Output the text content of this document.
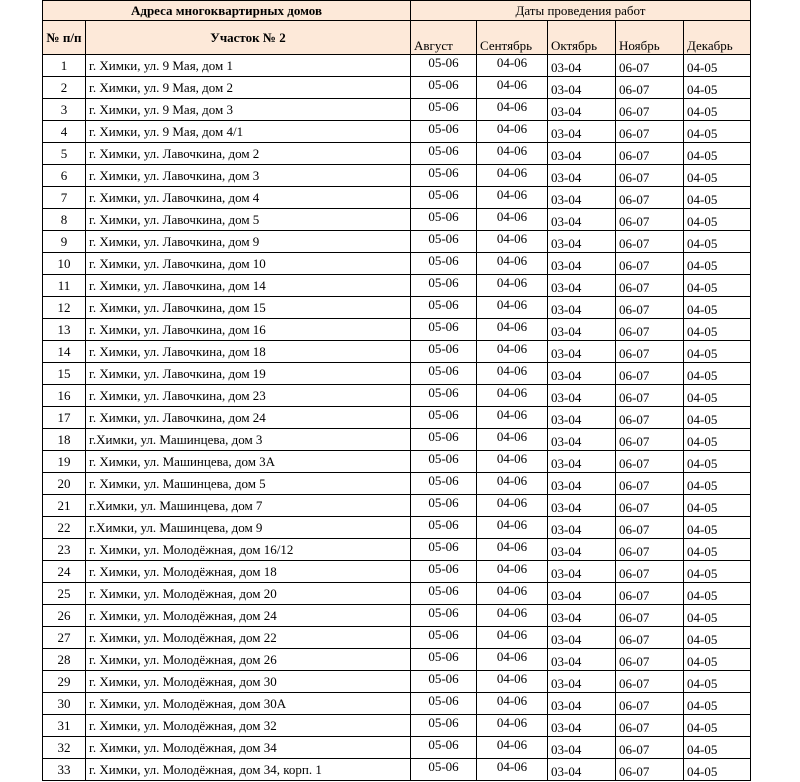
Адреса многоквартирных домов		Даты проведения работ				
№ п/п	Участок № 2	Август	Сентябрь	Октябрь	Ноябрь	Декабрь
1	г. Химки, ул. 9 Мая, дом 1	05-06	04-06	03-04	06-07	04-05
2	г. Химки, ул. 9 Мая, дом 2	05-06	04-06	03-04	06-07	04-05
3	г. Химки, ул. 9 Мая, дом 3	05-06	04-06	03-04	06-07	04-05
4	г. Химки, ул. 9 Мая, дом 4/1	05-06	04-06	03-04	06-07	04-05
5	г. Химки, ул. Лавочкина, дом 2	05-06	04-06	03-04	06-07	04-05
6	г. Химки, ул. Лавочкина, дом 3	05-06	04-06	03-04	06-07	04-05
7	г. Химки, ул. Лавочкина, дом 4	05-06	04-06	03-04	06-07	04-05
8	г. Химки, ул. Лавочкина, дом 5	05-06	04-06	03-04	06-07	04-05
9	г. Химки, ул. Лавочкина, дом 9	05-06	04-06	03-04	06-07	04-05
10	г. Химки, ул. Лавочкина, дом 10	05-06	04-06	03-04	06-07	04-05
11	г. Химки, ул. Лавочкина, дом 14	05-06	04-06	03-04	06-07	04-05
12	г. Химки, ул. Лавочкина, дом 15	05-06	04-06	03-04	06-07	04-05
13	г. Химки, ул. Лавочкина, дом 16	05-06	04-06	03-04	06-07	04-05
14	г. Химки, ул. Лавочкина, дом 18	05-06	04-06	03-04	06-07	04-05
15	г. Химки, ул. Лавочкина, дом 19	05-06	04-06	03-04	06-07	04-05
16	г. Химки, ул. Лавочкина, дом 23	05-06	04-06	03-04	06-07	04-05
17	г. Химки, ул. Лавочкина, дом 24	05-06	04-06	03-04	06-07	04-05
18	г.Химки, ул. Машинцева, дом 3	05-06	04-06	03-04	06-07	04-05
19	г. Химки, ул. Машинцева, дом 3А	05-06	04-06	03-04	06-07	04-05
20	г. Химки, ул. Машинцева, дом 5	05-06	04-06	03-04	06-07	04-05
21	г.Химки, ул. Машинцева, дом 7	05-06	04-06	03-04	06-07	04-05
22	г.Химки, ул. Машинцева, дом 9	05-06	04-06	03-04	06-07	04-05
23	г. Химки, ул. Молодёжная, дом 16/12	05-06	04-06	03-04	06-07	04-05
24	г. Химки, ул. Молодёжная, дом 18	05-06	04-06	03-04	06-07	04-05
25	г. Химки, ул. Молодёжная, дом 20	05-06	04-06	03-04	06-07	04-05
26	г. Химки, ул. Молодёжная, дом 24	05-06	04-06	03-04	06-07	04-05
27	г. Химки, ул. Молодёжная, дом 22	05-06	04-06	03-04	06-07	04-05
28	г. Химки, ул. Молодёжная, дом 26	05-06	04-06	03-04	06-07	04-05
29	г. Химки, ул. Молодёжная, дом 30	05-06	04-06	03-04	06-07	04-05
30	г. Химки, ул. Молодёжная, дом 30А	05-06	04-06	03-04	06-07	04-05
31	г. Химки, ул. Молодёжная, дом 32	05-06	04-06	03-04	06-07	04-05
32	г. Химки, ул. Молодёжная, дом 34	05-06	04-06	03-04	06-07	04-05
33	г. Химки, ул. Молодёжная, дом 34, корп. 1	05-06	04-06	03-04	06-07	04-05
